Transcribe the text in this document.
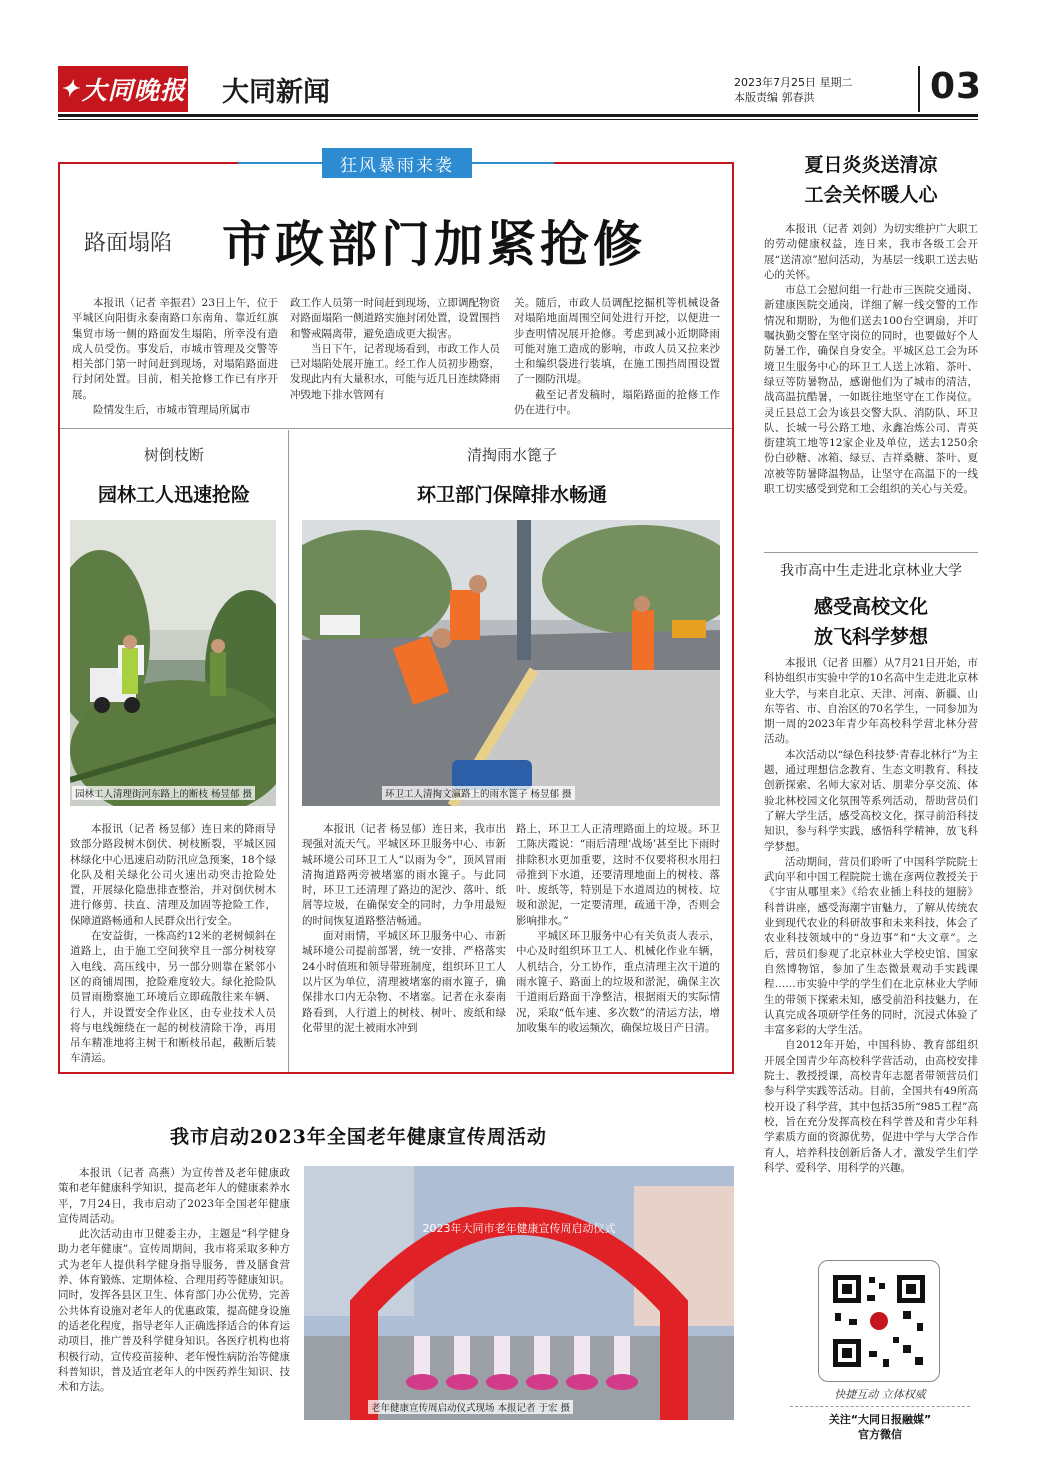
✦ 大同晚报 大同新闻	2023年7月25日 星期二
本版责编 郭春洪	03
狂风暴雨来袭
路面塌陷 市政部门加紧抢修

本报讯（记者 辛振君）23日上午，位于平城区向阳街永泰南路口东南角、靠近红旗集贸市场一侧的路面发生塌陷，所幸没有造成人员受伤。事发后，市城市管理及交警等相关部门第一时间赶到现场，对塌陷路面进行封闭处置。目前，相关抢修工作已有序开展。

险情发生后，市城市管理局所属市

政工作人员第一时间赶到现场，立即调配物资对路面塌陷一侧道路实施封闭处置，设置围挡和警戒隔离带，避免造成更大损害。

当日下午，记者现场看到，市政工作人员已对塌陷处展开施工。经工作人员初步勘察，发现此内有大量积水，可能与近几日连续降雨冲毁地下排水管网有

关。随后，市政人员调配挖掘机等机械设备对塌陷地面周围空间处进行开挖，以便进一步查明情况展开抢修。考虑到减小近期降雨可能对施工造成的影响，市政人员又拉来沙土和编织袋进行装填，在施工围挡周围设置了一圈防汛堤。

截至记者发稿时，塌陷路面的抢修工作仍在进行中。

树倒枝断
园林工人迅速抢险
园林工人清理街河东路上的断枝 杨昱郁 摄

本报讯（记者 杨昱郁）连日来的降雨导致部分路段树木倒伏、树枝断裂，平城区园林绿化中心迅速启动防汛应急预案，18个绿化队及相关绿化公司火速出动突击抢险处置，开展绿化隐患排查整治，并对倒伏树木进行修剪、扶直、清理及加固等抢险工作，保障道路畅通和人民群众出行安全。

在安益街，一株高约12米的老树倾斜在道路上，由于施工空间狭窄且一部分树枝穿入电线、高压线中，另一部分则靠在紧邻小区的商铺周围，抢险难度较大。绿化抢险队员冒雨勘察施工环境后立即疏散往来车辆、行人，并设置安全作业区，由专业技术人员将与电线缠绕在一起的树枝清除干净，再用吊车精准地将主树干和断枝吊起，截断后装车清运。

清掏雨水篦子
环卫部门保障排水畅通
环卫工人清掏文瀛路上的雨水篦子 杨昱郁 摄

本报讯（记者 杨昱郁）连日来，我市出现强对流天气。平城区环卫服务中心、市新城环境公司环卫工人“以雨为令”，顶风冒雨清掏道路两旁被堵塞的雨水篦子。与此同时，环卫工还清理了路边的泥沙、落叶、纸屑等垃圾，在确保安全的同时，力争用最短的时间恢复道路整洁畅通。

面对雨情，平城区环卫服务中心、市新城环境公司提前部署，统一安排，严格落实24小时值班和领导带班制度，组织环卫工人以片区为单位，清理被堵塞的雨水篦子，确保排水口内无杂物、不堵塞。记者在永泰南路看到，人行道上的树枝、树叶、废纸和绿化带里的泥土被雨水冲到

路上，环卫工人正清理路面上的垃圾。环卫工陈庆霞说：“雨后清理‘战场’甚至比下雨时排除积水更加重要，这时不仅要将积水用扫帚推到下水道，还要清理地面上的树枝、落叶、废纸等，特别是下水道周边的树枝、垃圾和淤泥，一定要清理，疏通干净，否则会影响排水。”

平城区环卫服务中心有关负责人表示，中心及时组织环卫工人、机械化作业车辆，人机结合，分工协作，重点清理主次干道的雨水篦子、路面上的垃圾和淤泥，确保主次干道雨后路面干净整洁，根据雨天的实际情况，采取“低车速、多次数”的清运方法，增加收集车的收运频次，确保垃圾日产日清。

夏日炎炎送清凉
工会关怀暖人心

本报讯（记者 刘剑）为切实维护广大职工的劳动健康权益，连日来，我市各级工会开展“送清凉”慰问活动，为基层一线职工送去贴心的关怀。

市总工会慰问组一行赴市三医院交通岗、新建康医院交通岗，详细了解一线交警的工作情况和期盼，为他们送去100台空调扇，并叮嘱执勤交警在坚守岗位的同时，也要做好个人防暑工作，确保自身安全。平城区总工会为环境卫生服务中心的环卫工人送上冰箱、茶叶、绿豆等防暑物品，感谢他们为了城市的清洁，战高温抗酷暑，一如既往地坚守在工作岗位。灵丘县总工会为该县交警大队、消防队、环卫队、长城一号公路工地、永鑫冶炼公司、青英街建筑工地等12家企业及单位，送去1250余份白砂糖、冰箱、绿豆、吉祥桑糖、茶叶、夏凉被等防暑降温物品，让坚守在高温下的一线职工切实感受到党和工会组织的关心与关爱。

我市高中生走进北京林业大学
感受高校文化
放飞科学梦想

本报讯（记者 田雁）从7月21日开始，市科协组织市实验中学的10名高中生走进北京林业大学，与来自北京、天津、河南、新疆、山东等省、市、自治区的70名学生，一同参加为期一周的2023年青少年高校科学营北林分营活动。

本次活动以“绿色科技梦·青春北林行”为主题，通过理想信念教育、生态文明教育、科技创新探索、名师大家对话、朋辈分享交流、体验北林校园文化氛围等系列活动，帮助营员们了解大学生活，感受高校文化，探寻前沿科技知识，参与科学实践，感悟科学精神，放飞科学梦想。

活动期间，营员们聆听了中国科学院院士武向平和中国工程院院士谯在彦两位教授关于《宇宙从哪里来》《给农业插上科技的翅膀》科普讲座，感受海潮宇宙魅力，了解从传统农业到现代农业的科研故事和未来科技，体会了农业科技领域中的“身边事”和“大文章”。之后，营员们参观了北京林业大学校史馆、国家自然博物馆，参加了生态微景观动手实践课程……市实验中学的学生们在北京林业大学师生的带领下探索未知，感受前沿科技魅力，在认真完成各项研学任务的同时，沉浸式体验了丰富多彩的大学生活。

自2012年开始，中国科协、教育部组织开展全国青少年高校科学营活动，由高校安排院士、教授授课，高校青年志愿者带领营员们参与科学实践等活动。目前，全国共有49所高校开设了科学营，其中包括35所“985工程”高校，旨在充分发挥高校在科学普及和青少年科学素质方面的资源优势，促进中学与大学合作育人，培养科技创新后备人才，激发学生们学科学、爱科学、用科学的兴趣。

我市启动2023年全国老年健康宣传周活动

本报讯（记者 高燕）为宣传普及老年健康政策和老年健康科学知识，提高老年人的健康素养水平，7月24日，我市启动了2023年全国老年健康宣传周活动。

此次活动由市卫健委主办，主题是“科学健身助力老年健康”。宣传周期间，我市将采取多种方式为老年人提供科学健身指导服务，普及膳食营养、体育锻炼、定期体检、合理用药等健康知识。同时，发挥各县区卫生、体育部门办公优势，完善公共体育设施对老年人的优惠政策，提高健身设施的适老化程度，指导老年人正确选择适合的体育运动项目，推广普及科学健身知识。各医疗机构也将积极行动，宣传疫苗接种、老年慢性病防治等健康科普知识，普及适宜老年人的中医药养生知识、技术和方法。

2023年大同市老年健康宣传周启动仪式
老年健康宣传周启动仪式现场 本报记者 于宏 摄
快捷互动 立体权威
关注“大同日报融媒”
官方微信
